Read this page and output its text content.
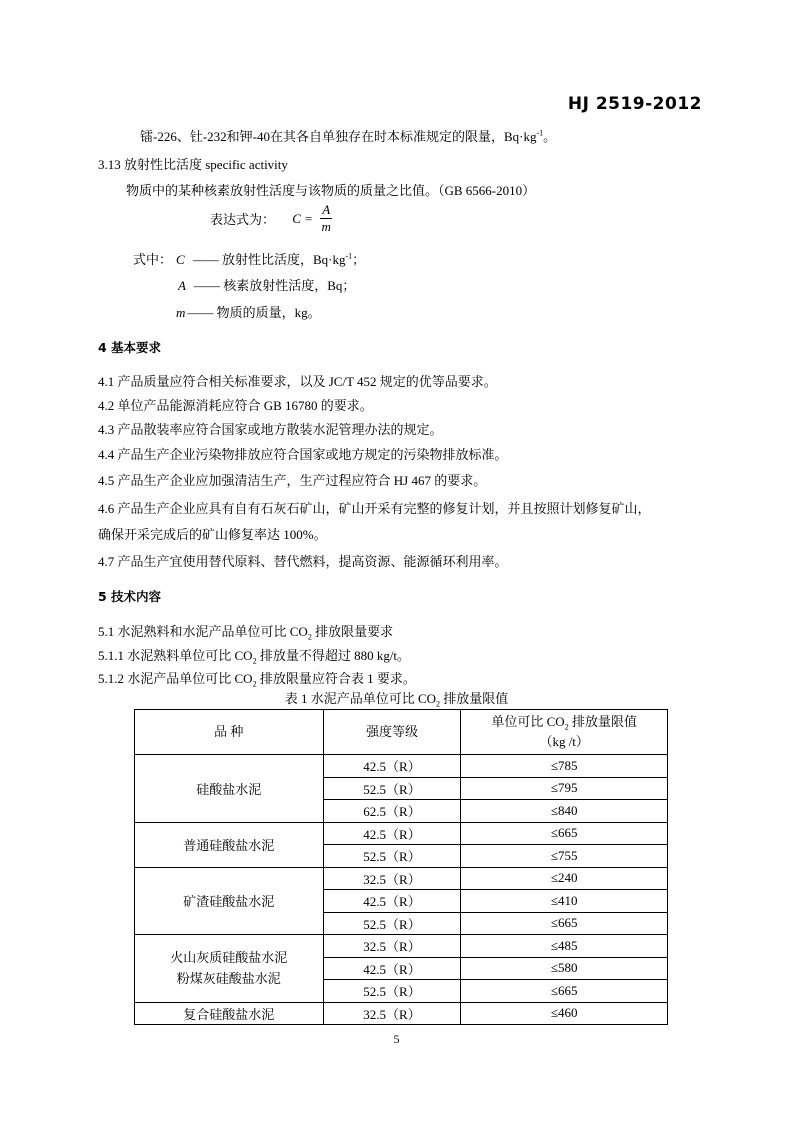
HJ 2519-2012
镭-226、钍-232和钾-40在其各自单独存在时本标准规定的限量，$Bq\cdot kg^{-1}$。
3.13 放射性比活度 specific activity
物质中的某种核素放射性活度与该物质的质量之比值。（GB 6566-2010）
表达式为： $C = \frac{A}{m}$
式中： C —— 放射性比活度，$Bq\cdot kg^{-1}$；
A —— 核素放射性活度，Bq；
m —— 物质的质量，kg。
4 基本要求
4.1 产品质量应符合相关标准要求，以及 JC/T 452 规定的优等品要求。
4.2 单位产品能源消耗应符合 GB 16780 的要求。
4.3 产品散装率应符合国家或地方散装水泥管理办法的规定。
4.4 产品生产企业污染物排放应符合国家或地方规定的污染物排放标准。
4.5 产品生产企业应加强清洁生产，生产过程应符合 HJ 467 的要求。
4.6 产品生产企业应具有自有石灰石矿山，矿山开采有完整的修复计划，并且按照计划修复矿山，
确保开采完成后的矿山修复率达 100%。
4.7 产品生产宜使用替代原料、替代燃料，提高资源、能源循环利用率。
5 技术内容
5.1 水泥熟料和水泥产品单位可比 $CO_2$ 排放限量要求
5.1.1 水泥熟料单位可比 $CO_2$ 排放量不得超过 880 kg/t。
5.1.2 水泥产品单位可比 $CO_2$ 排放限量应符合表 1 要求。
表 1 水泥产品单位可比 $CO_2$ 排放量限值
品 种	强度等级	单位可比 $CO_2$ 排放量限值
（kg /t）
硅酸盐水泥	42.5（R）	≤785
	52.5（R）	≤795
	62.5（R）	≤840
普通硅酸盐水泥	42.5（R）	≤665
	52.5（R）	≤755
矿渣硅酸盐水泥	32.5（R）	≤240
	42.5（R）	≤410
	52.5（R）	≤665
火山灰质硅酸盐水泥
粉煤灰硅酸盐水泥	32.5（R）	≤485
	42.5（R）	≤580
	52.5（R）	≤665
复合硅酸盐水泥	32.5（R）	≤460
5
